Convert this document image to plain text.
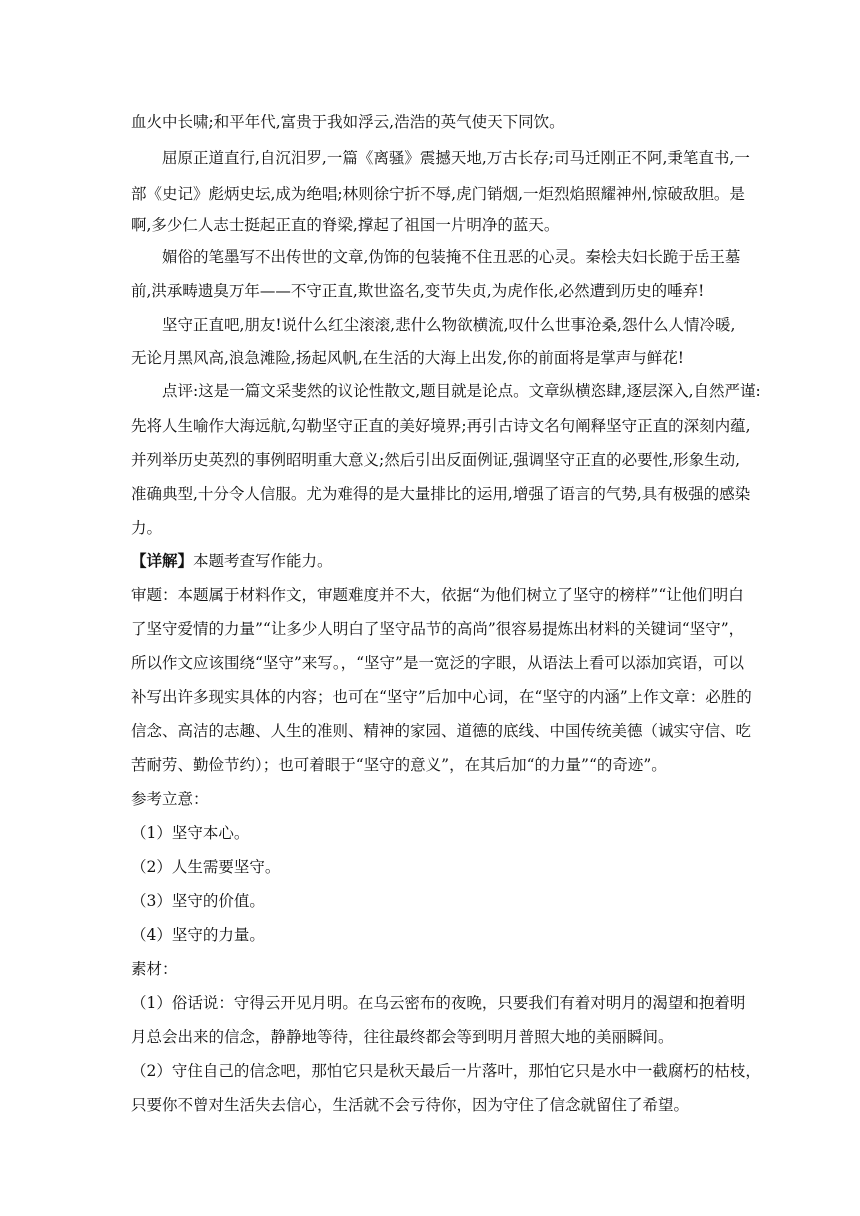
血火中长啸;和平年代,富贵于我如浮云,浩浩的英气使天下同饮。
屈原正道直行,自沉汨罗,一篇《离骚》震撼天地,万古长存;司马迁刚正不阿,秉笔直书,一
部《史记》彪炳史坛,成为绝唱;林则徐宁折不辱,虎门销烟,一炬烈焰照耀神州,惊破敌胆。是
啊,多少仁人志士挺起正直的脊梁,撑起了祖国一片明净的蓝天。
媚俗的笔墨写不出传世的文章,伪饰的包装掩不住丑恶的心灵。秦桧夫妇长跪于岳王墓
前,洪承畴遗臭万年——不守正直,欺世盗名,变节失贞,为虎作伥,必然遭到历史的唾弃!
坚守正直吧,朋友!说什么红尘滚滚,悲什么物欲横流,叹什么世事沧桑,怨什么人情冷暖,
无论月黑风高,浪急滩险,扬起风帆,在生活的大海上出发,你的前面将是掌声与鲜花!
点评:这是一篇文采斐然的议论性散文,题目就是论点。文章纵横恣肆,逐层深入,自然严谨:
先将人生喻作大海远航,勾勒坚守正直的美好境界;再引古诗文名句阐释坚守正直的深刻内蕴,
并列举历史英烈的事例昭明重大意义;然后引出反面例证,强调坚守正直的必要性,形象生动,
准确典型,十分令人信服。尤为难得的是大量排比的运用,增强了语言的气势,具有极强的感染
力。
【详解】本题考查写作能力。
审题：本题属于材料作文，审题难度并不大，依据“为他们树立了坚守的榜样”“让他们明白
了坚守爱情的力量”“让多少人明白了坚守品节的高尚”很容易提炼出材料的关键词“坚守”，
所以作文应该围绕“坚守”来写。，“坚守”是一宽泛的字眼，从语法上看可以添加宾语，可以
补写出许多现实具体的内容；也可在“坚守”后加中心词，在“坚守的内涵”上作文章：必胜的
信念、高洁的志趣、人生的准则、精神的家园、道德的底线、中国传统美德（诚实守信、吃
苦耐劳、勤俭节约）；也可着眼于“坚守的意义”，在其后加“的力量”“的奇迹”。
参考立意：
（1）坚守本心。
（2）人生需要坚守。
（3）坚守的价值。
（4）坚守的力量。
素材：
（1）俗话说：守得云开见月明。在乌云密布的夜晚，只要我们有着对明月的渴望和抱着明
月总会出来的信念，静静地等待，往往最终都会等到明月普照大地的美丽瞬间。
（2）守住自己的信念吧，那怕它只是秋天最后一片落叶，那怕它只是水中一截腐朽的枯枝，
只要你不曾对生活失去信心，生活就不会亏待你，因为守住了信念就留住了希望。
